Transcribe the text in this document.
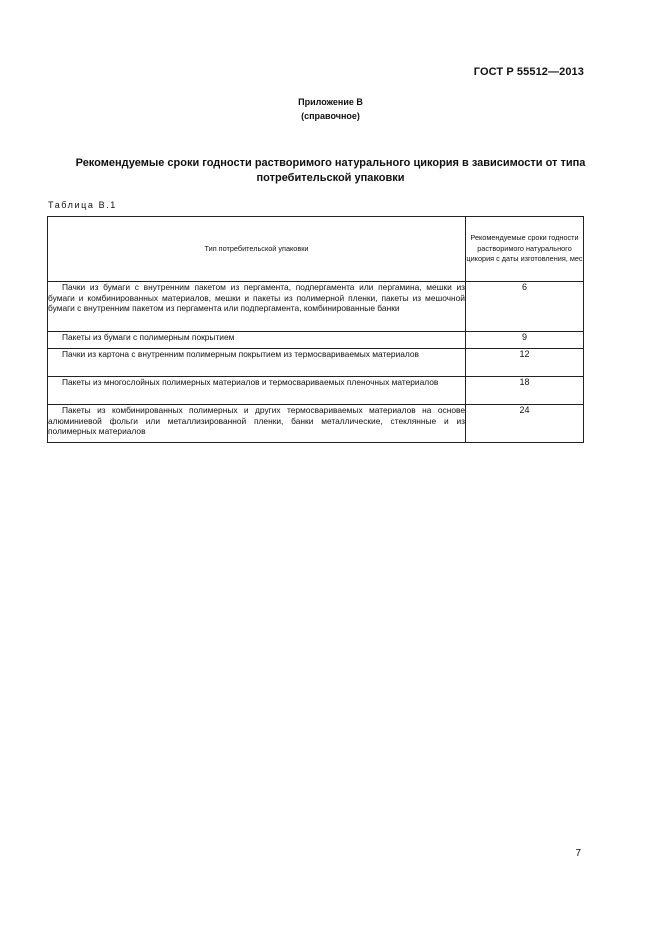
ГОСТ Р 55512—2013
Приложение В
(справочное)
Рекомендуемые сроки годности растворимого натурального цикория в зависимости от типа
потребительской упаковки
Таблица В.1
Тип потребительской упаковки	Рекомендуемые сроки годности растворимого натурального цикория с даты изготовления, мес
Пачки из бумаги с внутренним пакетом из пергамента, подпергамента или пергамина, мешки из бумаги и комбинированных материалов, мешки и пакеты из полимерной пленки, пакеты из мешочной бумаги с внутренним пакетом из пергамента или подпергамента, комбинированные банки	6
Пакеты из бумаги с полимерным покрытием	9
Пачки из картона с внутренним полимерным покрытием из термосвариваемых материалов	12
Пакеты из многослойных полимерных материалов и термосвариваемых пленочных материалов	18
Пакеты из комбинированных полимерных и других термосвариваемых материалов на основе алюминиевой фольги или металлизированной пленки, банки металлические, стеклянные и из полимерных материалов	24
7
